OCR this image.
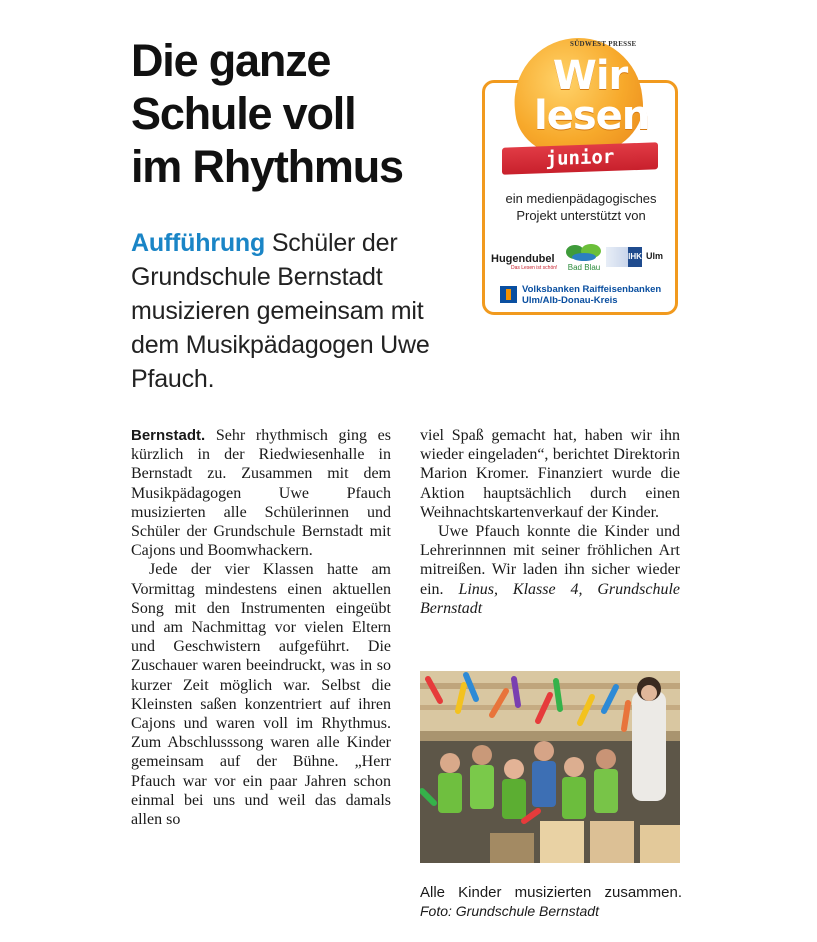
Die ganze
Schule voll
im Rhythmus

Aufführung Schüler der Grundschule Bernstadt musizieren gemeinsam mit dem Musikpädagogen Uwe Pfauch.

SÜDWEST PRESSE
Wir
lesen
junior
ein medienpädagogisches
Projekt unterstützt von
Hugendubel
Das Lesen ist schön!	Bad Blau
IHK Ulm
Volksbanken Raiffeisenbanken
Ulm/Alb-Donau-Kreis

Bernstadt. Sehr rhythmisch ging es kürzlich in der Riedwiesenhalle in Bernstadt zu. Zusammen mit dem Musikpädagogen Uwe Pfauch musizierten alle Schülerinnen und Schüler der Grundschule Bernstadt mit Cajons und Boomwhackern.

Jede der vier Klassen hatte am Vormittag mindestens einen aktuellen Song mit den Instrumenten eingeübt und am Nachmittag vor vielen Eltern und Geschwistern aufgeführt. Die Zuschauer waren beeindruckt, was in so kurzer Zeit möglich war. Selbst die Kleinsten saßen konzentriert auf ihren Cajons und waren voll im Rhythmus. Zum Abschlusssong waren alle Kinder gemeinsam auf der Bühne. „Herr Pfauch war vor ein paar Jahren schon einmal bei uns und weil das damals allen so

viel Spaß gemacht hat, haben wir ihn wieder eingeladen“, berichtet Direktorin Marion Kromer. Finanziert wurde die Aktion hauptsächlich durch einen Weihnachtskartenverkauf der Kinder.

Uwe Pfauch konnte die Kinder und Lehrerinnnen mit seiner fröhlichen Art mitreißen. Wir laden ihn sicher wieder ein. Linus, Klasse 4, Grundschule Bernstadt

Alle Kinder musizierten zusammen. Foto: Grundschule Bernstadt
